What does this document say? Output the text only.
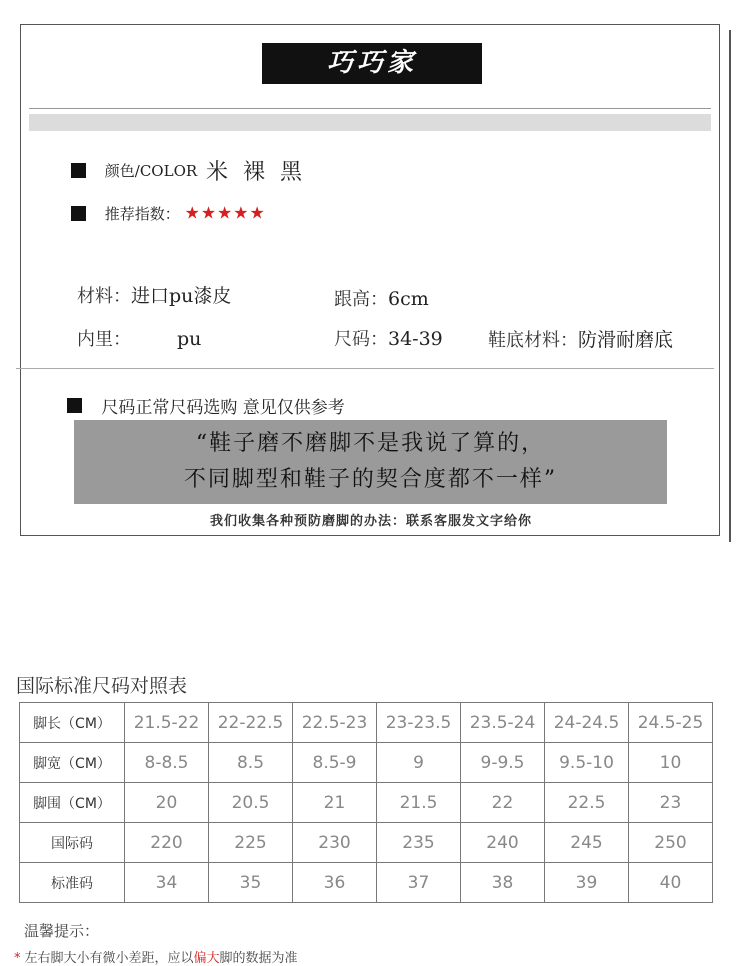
巧巧家
颜色/COLOR 米 裸 黑
推荐指数： ★★★★★
材料：进口pu漆皮	跟高：6cm
内里： pu	尺码：34-39	鞋底材料：防滑耐磨底
尺码正常尺码选购 意见仅供参考
“鞋子磨不磨脚不是我说了算的，
不同脚型和鞋子的契合度都不一样”
我们收集各种预防磨脚的办法：联系客服发文字给你
国际标准尺码对照表
脚长（CM）	21.5-22	22-22.5	22.5-23	23-23.5	23.5-24	24-24.5	24.5-25
脚宽（CM）	8-8.5	8.5	8.5-9	9	9-9.5	9.5-10	10
脚围（CM）	20	20.5	21	21.5	22	22.5	23
国际码	220	225	230	235	240	245	250
标准码	34	35	36	37	38	39	40
温馨提示：
* 左右脚大小有微小差距，应以偏大脚的数据为准
